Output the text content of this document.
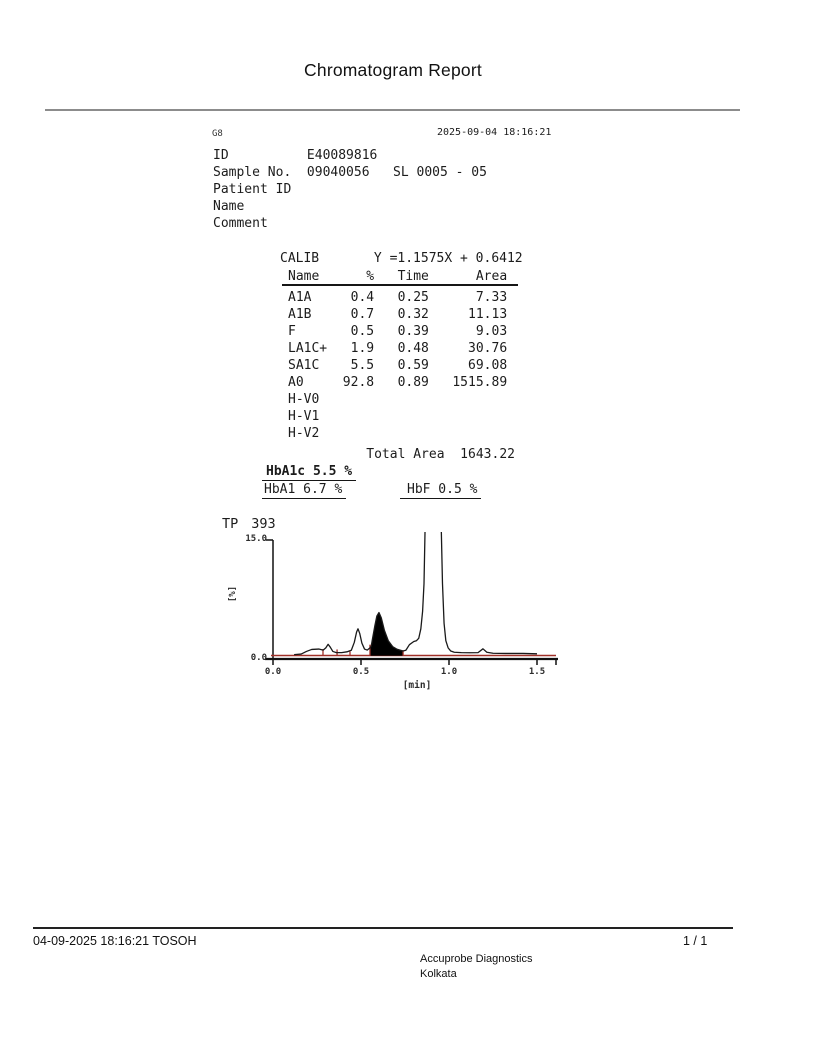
Chromatogram Report
G8	2025-09-04 18:16:21
ID          E40089816
Sample No.  09040056   SL 0005 - 05
Patient ID
Name
Comment
CALIB       Y =1.1575X + 0.6412
Name      %   Time      Area
A1A     0.4   0.25      7.33
A1B     0.7   0.32     11.13
F       0.5   0.39      9.03
LA1C+   1.9   0.48     30.76
SA1C    5.5   0.59     69.08
A0     92.8   0.89   1515.89
H-V0
H-V1
H-V2
Total Area  1643.22
HbA1c 5.5 %
HbA1 6.7 %	HbF 0.5 %
TP 393
[%]
[min]
04-09-2025 18:16:21 TOSOH	1 / 1
Accuprobe Diagnostics
Kolkata
0.0	0.5	1.0	1.5
15.0
0.0
